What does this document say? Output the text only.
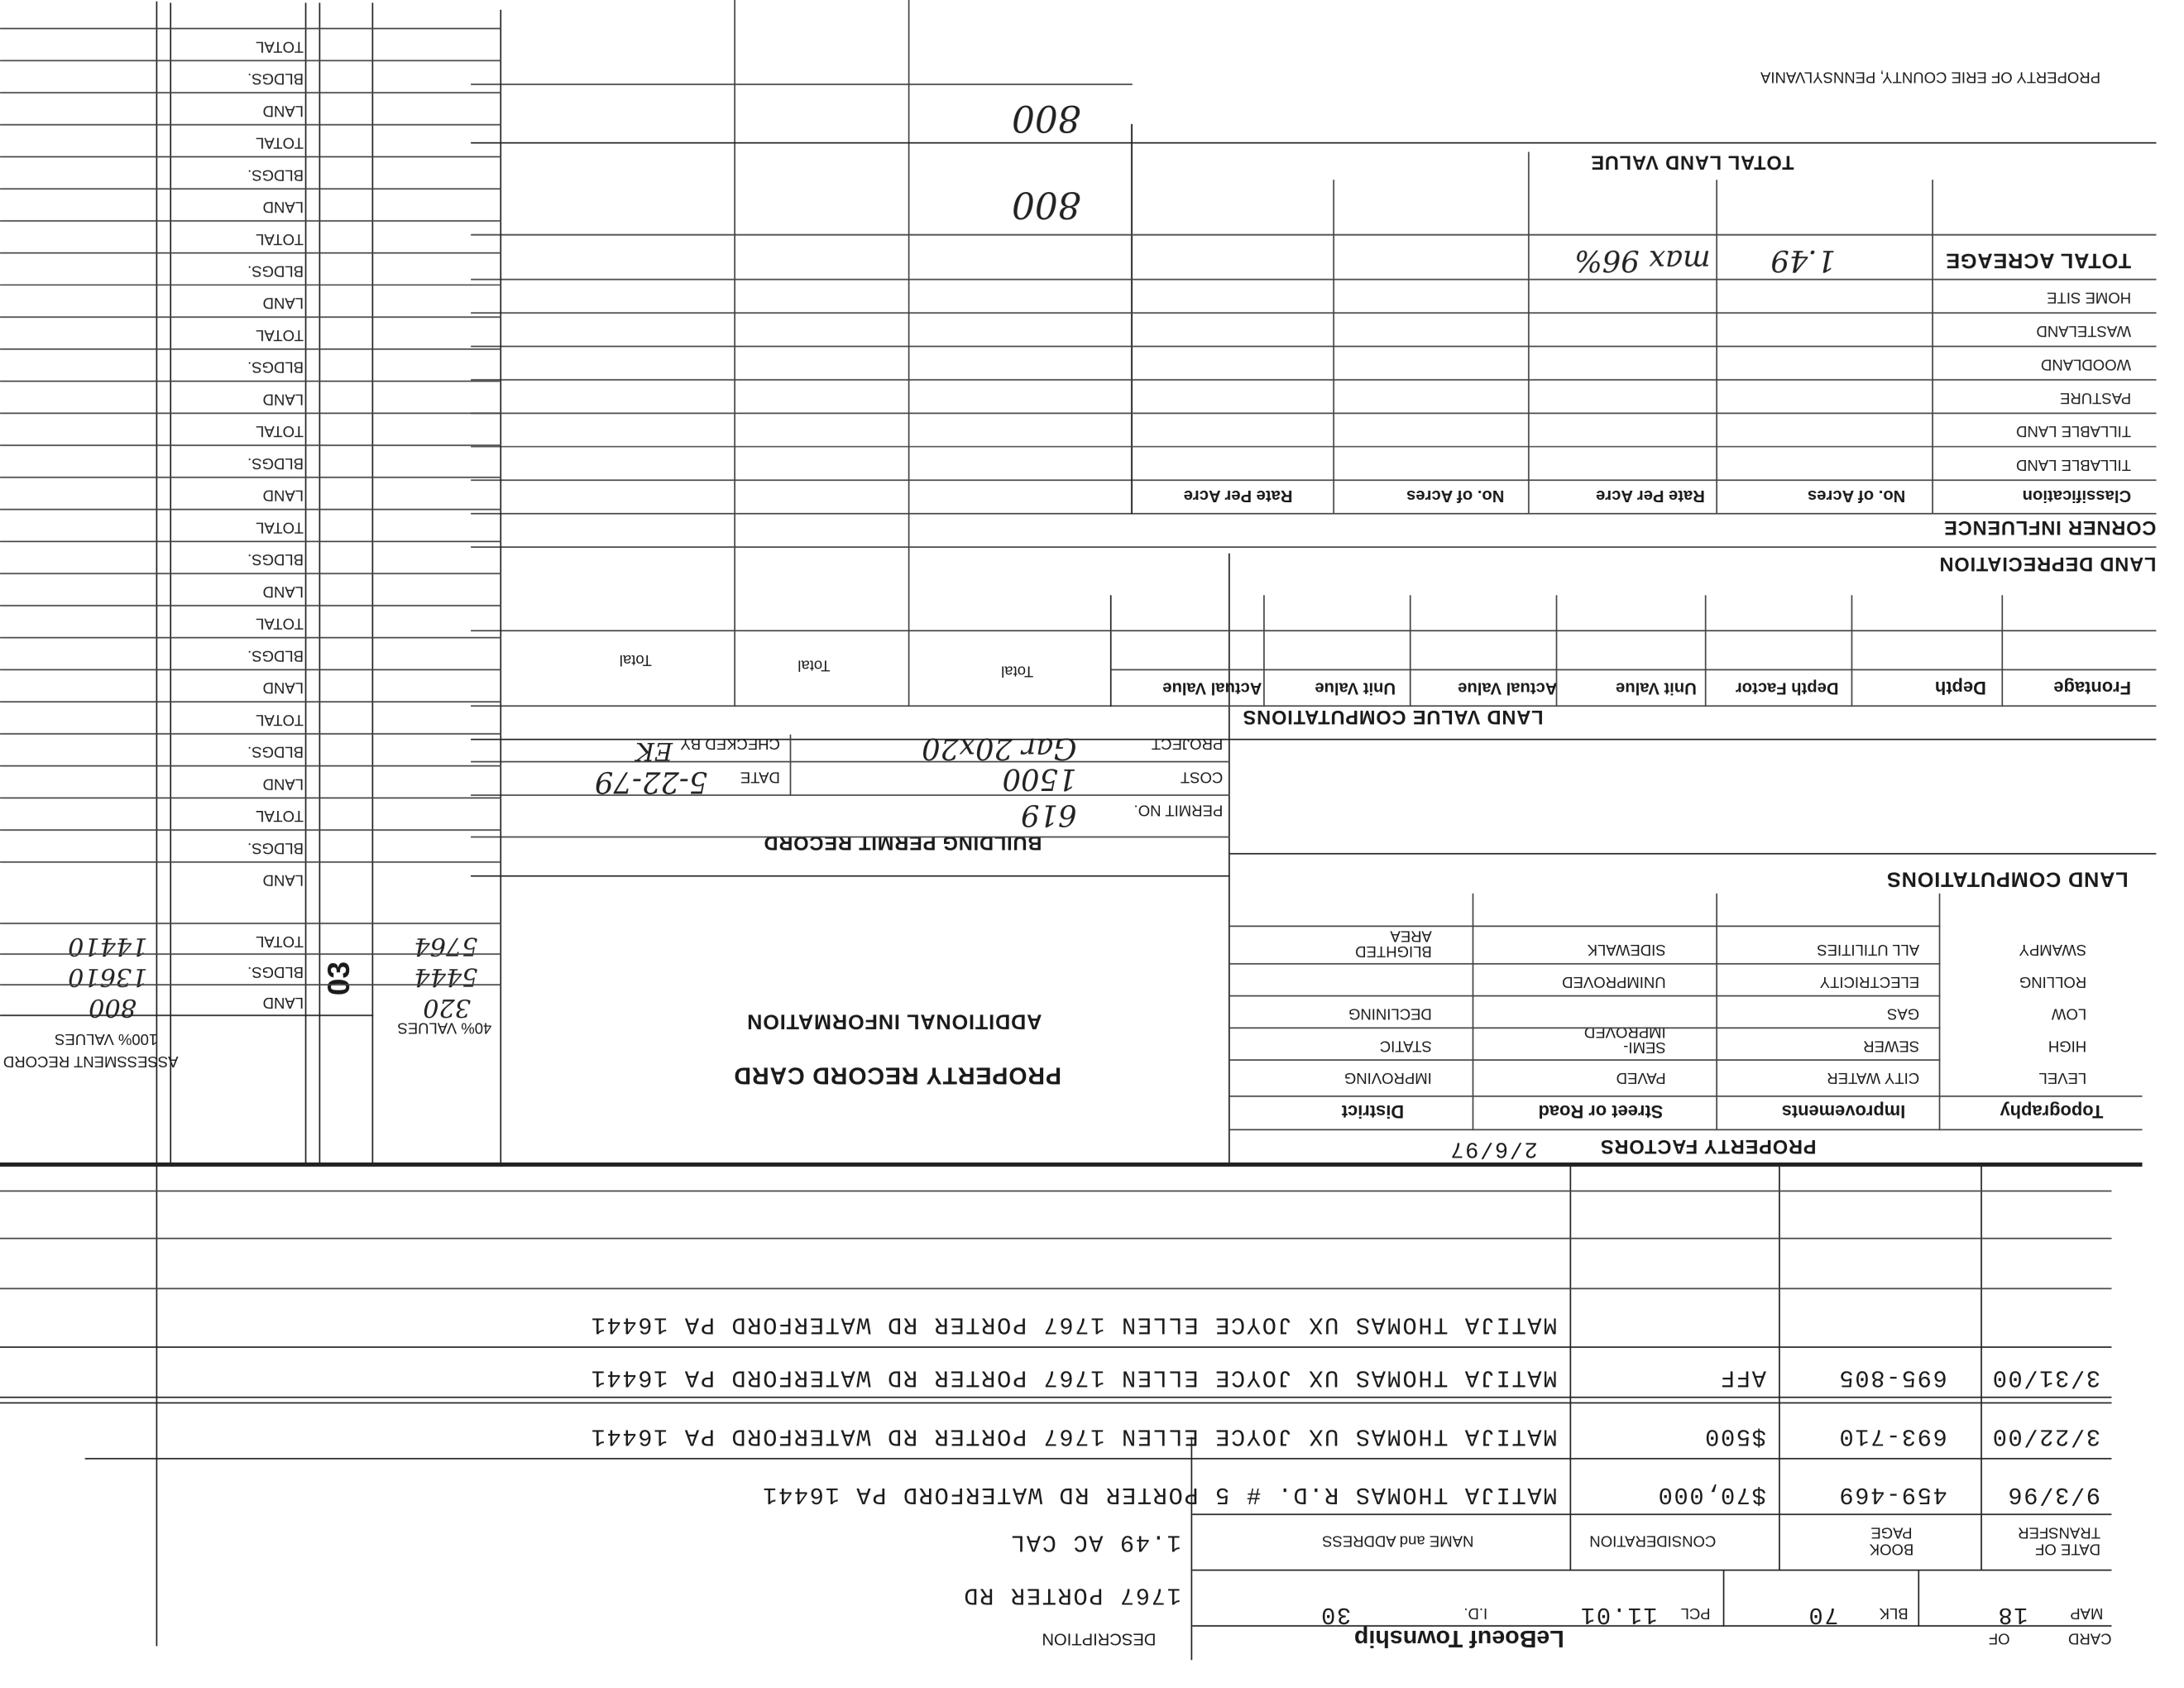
CARD
OF
LeBoeuf Township
PROPERTY OF ERIE COUNTY, PENNSYLVANIA
MAP
18
BLK
70
PCL
11.01
I.D.
30
DESCRIPTION
1767 PORTER RD
1.49 AC CAL	DATE OF TRANSFER
BOOK PAGE
CONSIDERATION
NAME and ADDRESS
9/3/96
459-469
$70,000
MATIJA THOMAS R.D. # 5 PORTER RD WATERFORD PA 16441
3/22/00
693-710
$500
MATIJA THOMAS UX JOYCE ELLEN 1767 PORTER RD WATERFORD PA 16441
3/31/00
695-805
AFF
MATIJA THOMAS UX JOYCE ELLEN 1767 PORTER RD WATERFORD PA 16441
MATIJA THOMAS UX JOYCE ELLEN 1767 PORTER RD WATERFORD PA 16441
PROPERTY FACTORS
2/6/97
Topography
Improvements
Street or Road
District
LEVEL
HIGH
LOW
ROLLING
SWAMPY
CITY WATER
SEWER
GAS
ELECTRICITY
ALL UTILITIES
PAVED
SEMI-IMPROVED
UNIMPROVED
SIDEWALK
IMPROVING
STATIC
DECLINING
BLIGHTED AREA
LAND COMPUTATIONS
LAND VALUE COMPUTATIONS
Frontage
Depth
Depth Factor
Unit Value
Actual Value
Unit Value
Actual Value
Total
Total
Total
LAND DEPRECIATION
CORNER INFLUENCE
Classification
No. of Acres
Rate Per Acre
No. of Acres
Rate Per Acre
TILLABLE LAND
TILLABLE LAND
PASTURE
WOODLAND
WASTELAND
HOME SITE
TOTAL ACREAGE
1.49
max 96%
TOTAL LAND VALUE
800
800
BUILDING PERMIT RECORD
PERMIT NO.
619
COST
1500
DATE
5-22-79
PROJECT
Gar 20x20
CHECKED BY
EK
PROPERTY RECORD CARD
ADDITIONAL INFORMATION
40% VALUES
100% VALUES
ASSESSMENT RECORD
LAND
BLDGS.
TOTAL
03
320
5444
5764
800
13610
14410
LAND
BLDGS.
TOTAL
LAND
BLDGS.
TOTAL
LAND
BLDGS.
TOTAL
LAND
BLDGS.
TOTAL
LAND
BLDGS.
TOTAL
LAND
BLDGS.
TOTAL
LAND
BLDGS.
TOTAL
LAND
BLDGS.
TOTAL
LAND
BLDGS.
TOTAL
